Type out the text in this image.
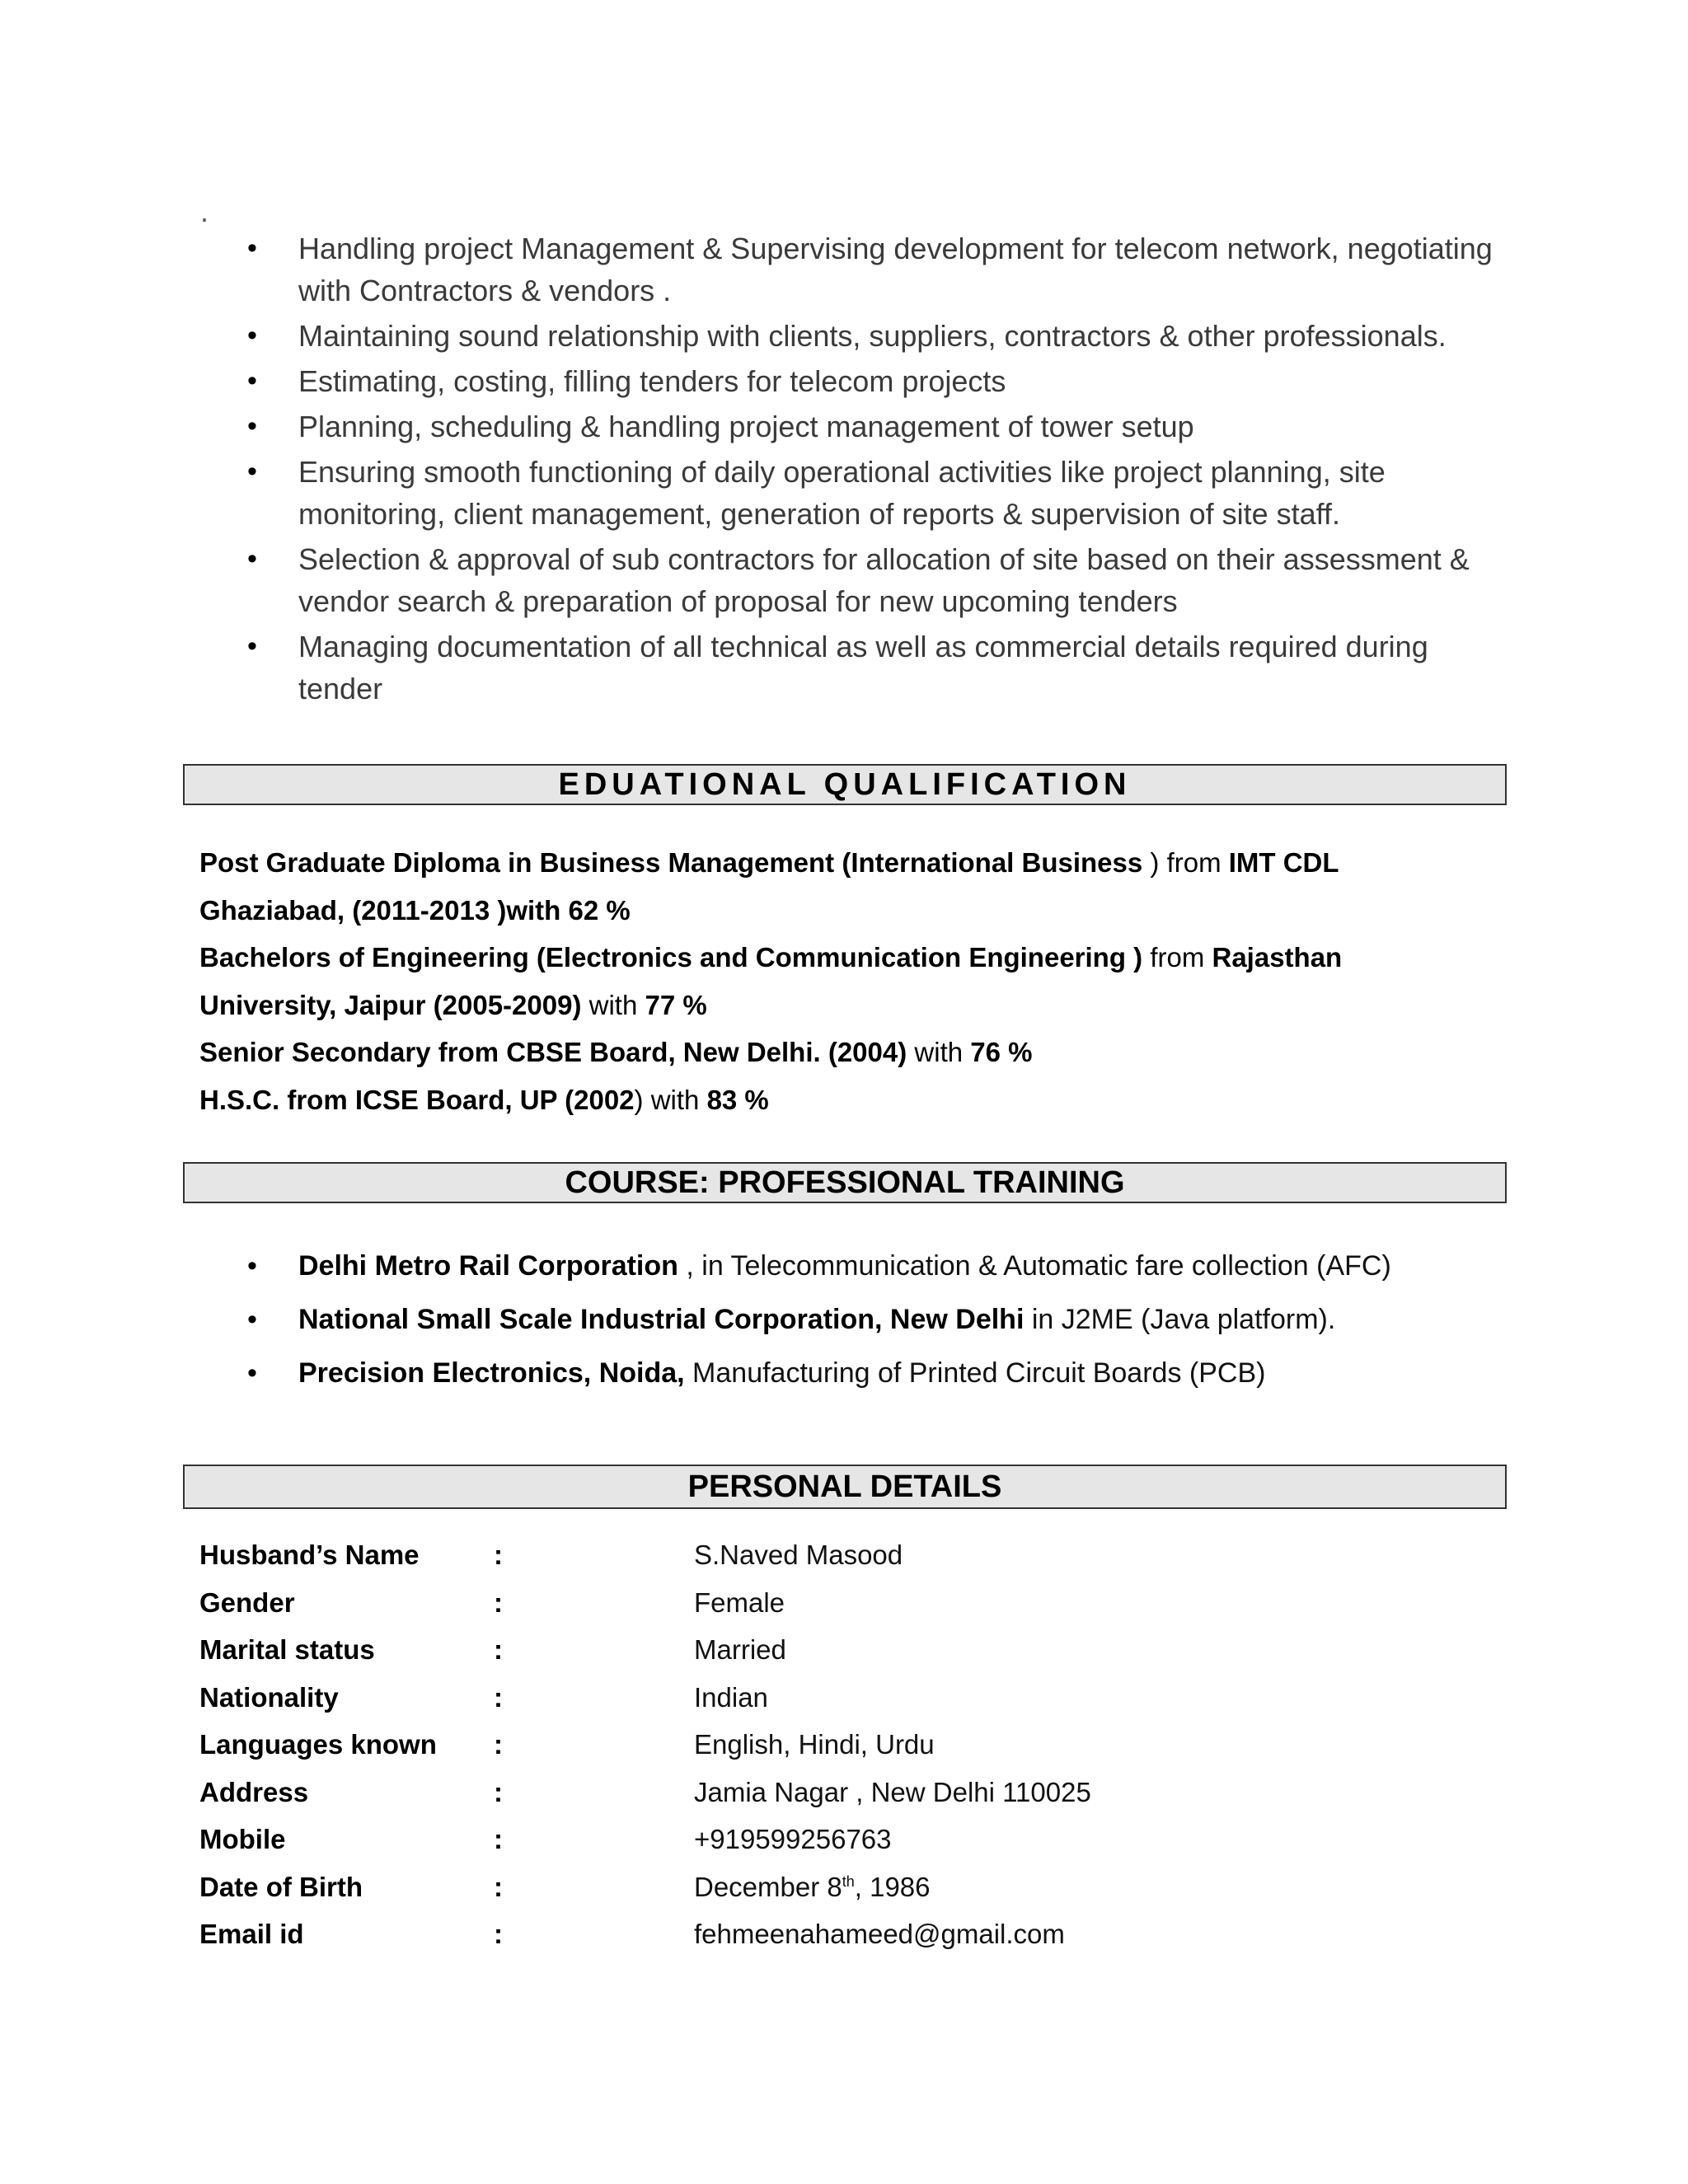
.
• Handling project Management & Supervising development for telecom network, negotiating with Contractors & vendors .
• Maintaining sound relationship with clients, suppliers, contractors & other professionals.
• Estimating, costing, filling tenders for telecom projects
• Planning, scheduling & handling project management of tower setup
• Ensuring smooth functioning of daily operational activities like project planning, site monitoring, client management, generation of reports & supervision of site staff.
• Selection & approval of sub contractors for allocation of site based on their assessment & vendor search & preparation of proposal for new upcoming tenders
• Managing documentation of all technical as well as commercial details required during tender
EDUATIONAL QUALIFICATION

Post Graduate Diploma in Business Management (International Business ) from IMT CDL

Ghaziabad, (2011-2013 )with 62 %

Bachelors of Engineering (Electronics and Communication Engineering ) from Rajasthan

University, Jaipur (2005-2009) with 77 %

Senior Secondary from CBSE Board, New Delhi. (2004) with 76 %

H.S.C. from ICSE Board, UP (2002) with 83 %

COURSE: PROFESSIONAL TRAINING
• Delhi Metro Rail Corporation , in Telecommunication & Automatic fare collection (AFC)
• National Small Scale Industrial Corporation, New Delhi in J2ME (Java platform).
• Precision Electronics, Noida, Manufacturing of Printed Circuit Boards (PCB)
PERSONAL DETAILS
Husband’s Name	:	S.Naved Masood
Gender	:	Female
Marital status	:	Married
Nationality	:	Indian
Languages known :	English, Hindi, Urdu
Address	:	Jamia Nagar , New Delhi 110025
Mobile	:	+919599256763
Date of Birth	:	December 8th, 1986
Email id	:	fehmeenahameed@gmail.com
